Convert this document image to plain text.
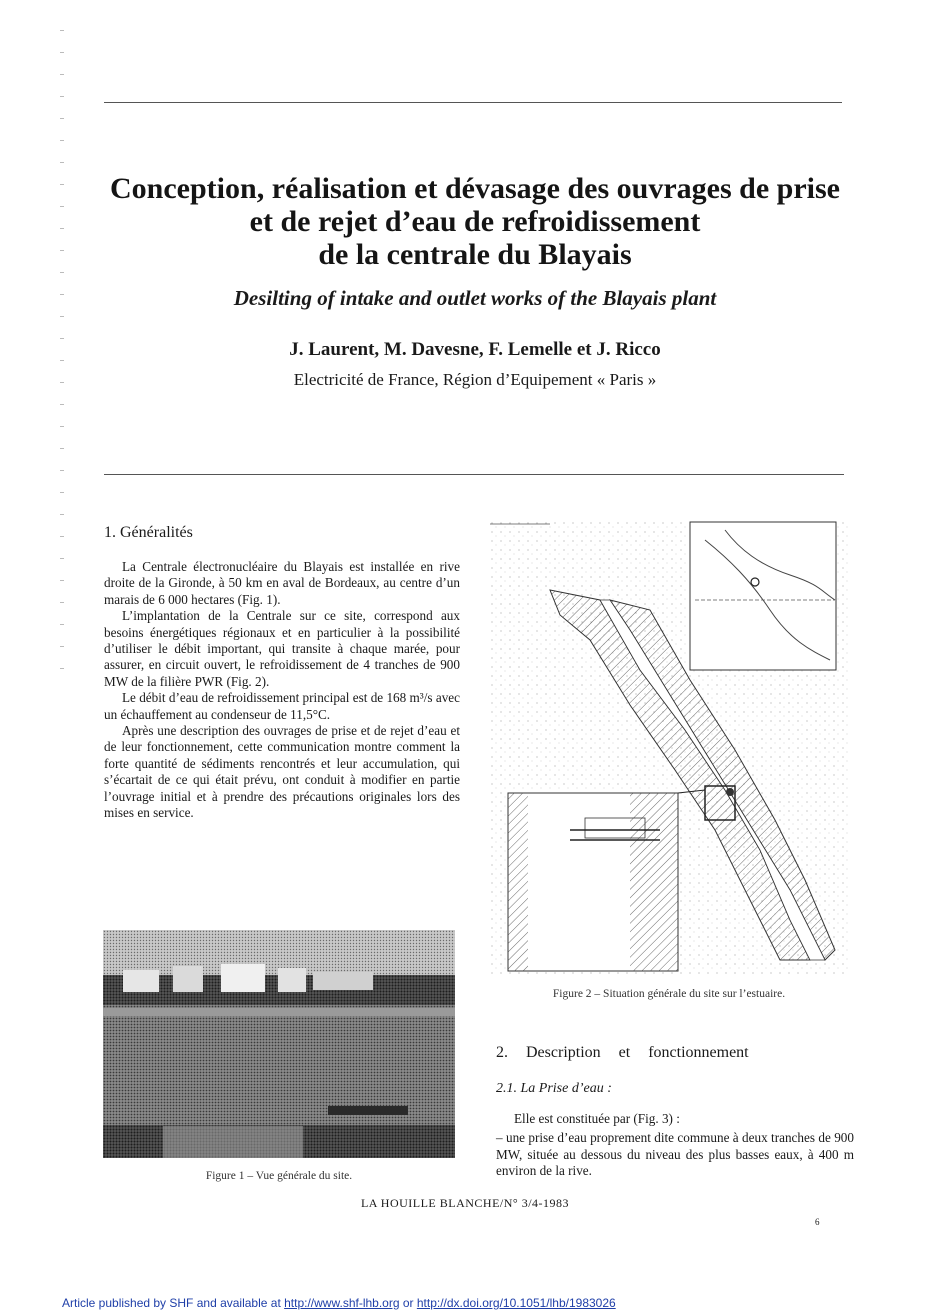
Conception, réalisation et dévasage des ouvrages de prise
et de rejet d’eau de refroidissement
de la centrale du Blayais
Desilting of intake and outlet works of the Blayais plant
J. Laurent, M. Davesne, F. Lemelle et J. Ricco
Electricité de France, Région d’Equipement « Paris »
1. Généralités

La Centrale électronucléaire du Blayais est installée en rive droite de la Gironde, à 50 km en aval de Bordeaux, au centre d’un marais de 6 000 hectares (Fig. 1).

L’implantation de la Centrale sur ce site, correspond aux besoins énergétiques régionaux et en particulier à la possibilité d’utiliser le débit important, qui transite à chaque marée, pour assurer, en circuit ouvert, le refroidissement de 4 tranches de 900 MW de la filière PWR (Fig. 2).

Le débit d’eau de refroidissement principal est de 168 m³/s avec un échauffement au condenseur de 11,5°C.

Après une description des ouvrages de prise et de rejet d’eau et de leur fonctionnement, cette communication montre comment la forte quantité de sédiments rencontrés et leur accumulation, qui s’écartait de ce qui était prévu, ont conduit à modifier en partie l’ouvrage initial et à prendre des précautions originales lors des mises en service.

Figure 1 – Vue générale du site.
Figure 2 – Situation générale du site sur l’estuaire.
2. Description et fonctionnement
2.1. La Prise d’eau :

Elle est constituée par (Fig. 3) :

– une prise d’eau proprement dite commune à deux tranches de 900 MW, située au dessous du niveau des plus basses eaux, à 400 m environ de la rive.

LA HOUILLE BLANCHE/N° 3/4-1983
6
Article published by SHF and available at http://www.shf-lhb.org or http://dx.doi.org/10.1051/lhb/1983026
